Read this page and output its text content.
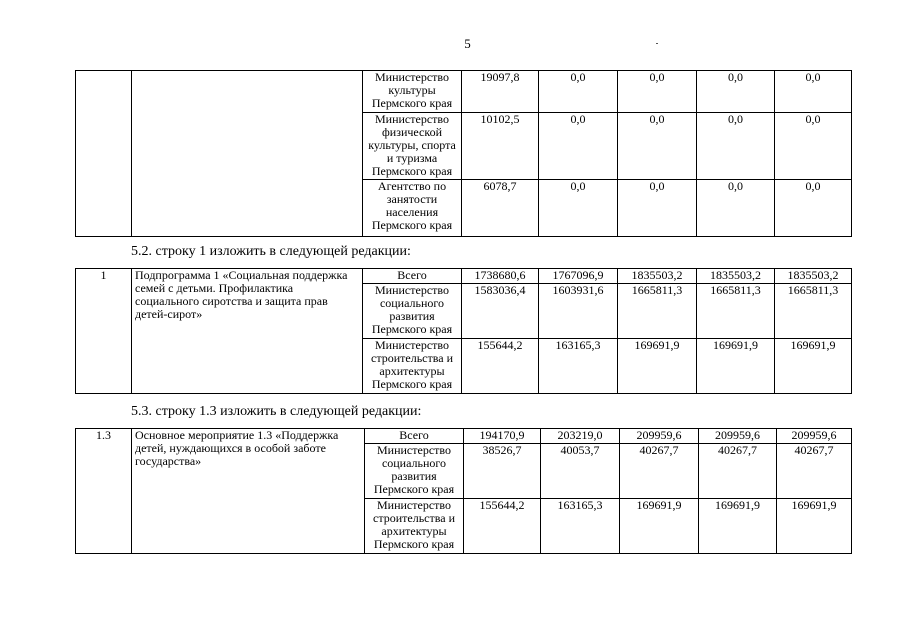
5
		Министерство культуры Пермского края	19097,8	0,0	0,0	0,0	0,0
		Министерство физической культуры, спорта и туризма Пермского края	10102,5	0,0	0,0	0,0	0,0
		Агентство по занятости населения Пермского края	6078,7	0,0	0,0	0,0	0,0
5.2. строку 1 изложить в следующей редакции:
1	Подпрограмма 1 «Социальная поддержка семей с детьми. Профилактика социального сиротства и защита прав детей-сирот»	Всего	1738680,6	1767096,9	1835503,2	1835503,2	1835503,2
		Министерство социального развития Пермского края	1583036,4	1603931,6	1665811,3	1665811,3	1665811,3
		Министерство строительства и архитектуры Пермского края	155644,2	163165,3	169691,9	169691,9	169691,9
5.3. строку 1.3 изложить в следующей редакции:
1.3	Основное мероприятие 1.3 «Поддержка детей, нуждающихся в особой заботе государства»	Всего	194170,9	203219,0	209959,6	209959,6	209959,6
		Министерство социального развития Пермского края	38526,7	40053,7	40267,7	40267,7	40267,7
		Министерство строительства и архитектуры Пермского края	155644,2	163165,3	169691,9	169691,9	169691,9
